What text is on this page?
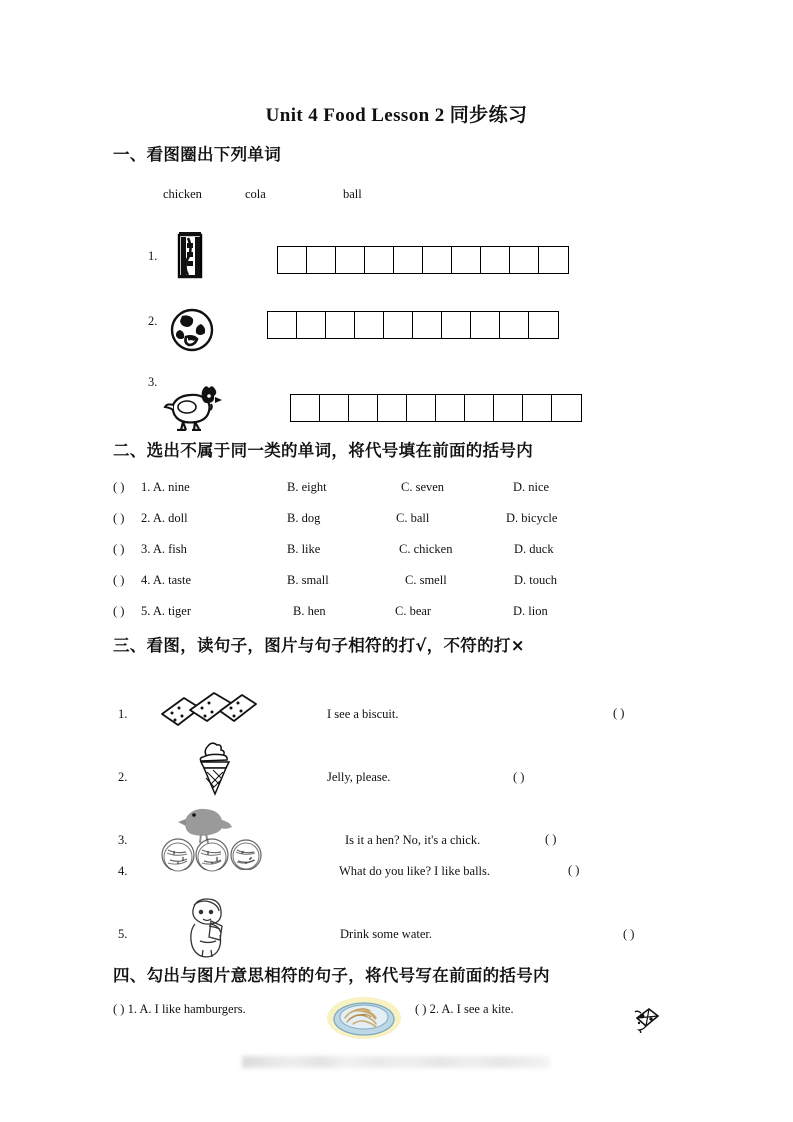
Unit 4 Food Lesson 2 同步练习
一、看图圈出下列单词
chicken	cola	ball
1.
2.
3.
二、选出不属于同一类的单词，将代号填在前面的括号内
( ) 1. A. nine	B. eight	C. seven	D. nice
( ) 2. A. doll	B. dog	C. ball	D. bicycle
( ) 3. A. fish	B. like	C. chicken	D. duck
( ) 4. A. taste	B. small	C. smell	D. touch
( ) 5. A. tiger	B. hen	C. bear	D. lion
三、看图，读句子，图片与句子相符的打√，不符的打×
1.	I see a biscuit.	( )
2.	Jelly, please.	( )
3.	Is it a hen? No, it's a chick.	( )
4.	What do you like? I like balls.	( )
5.	Drink some water.	( )
四、勾出与图片意思相符的句子，将代号写在前面的括号内
( ) 1. A. I like hamburgers.	( ) 2. A. I see a kite.
